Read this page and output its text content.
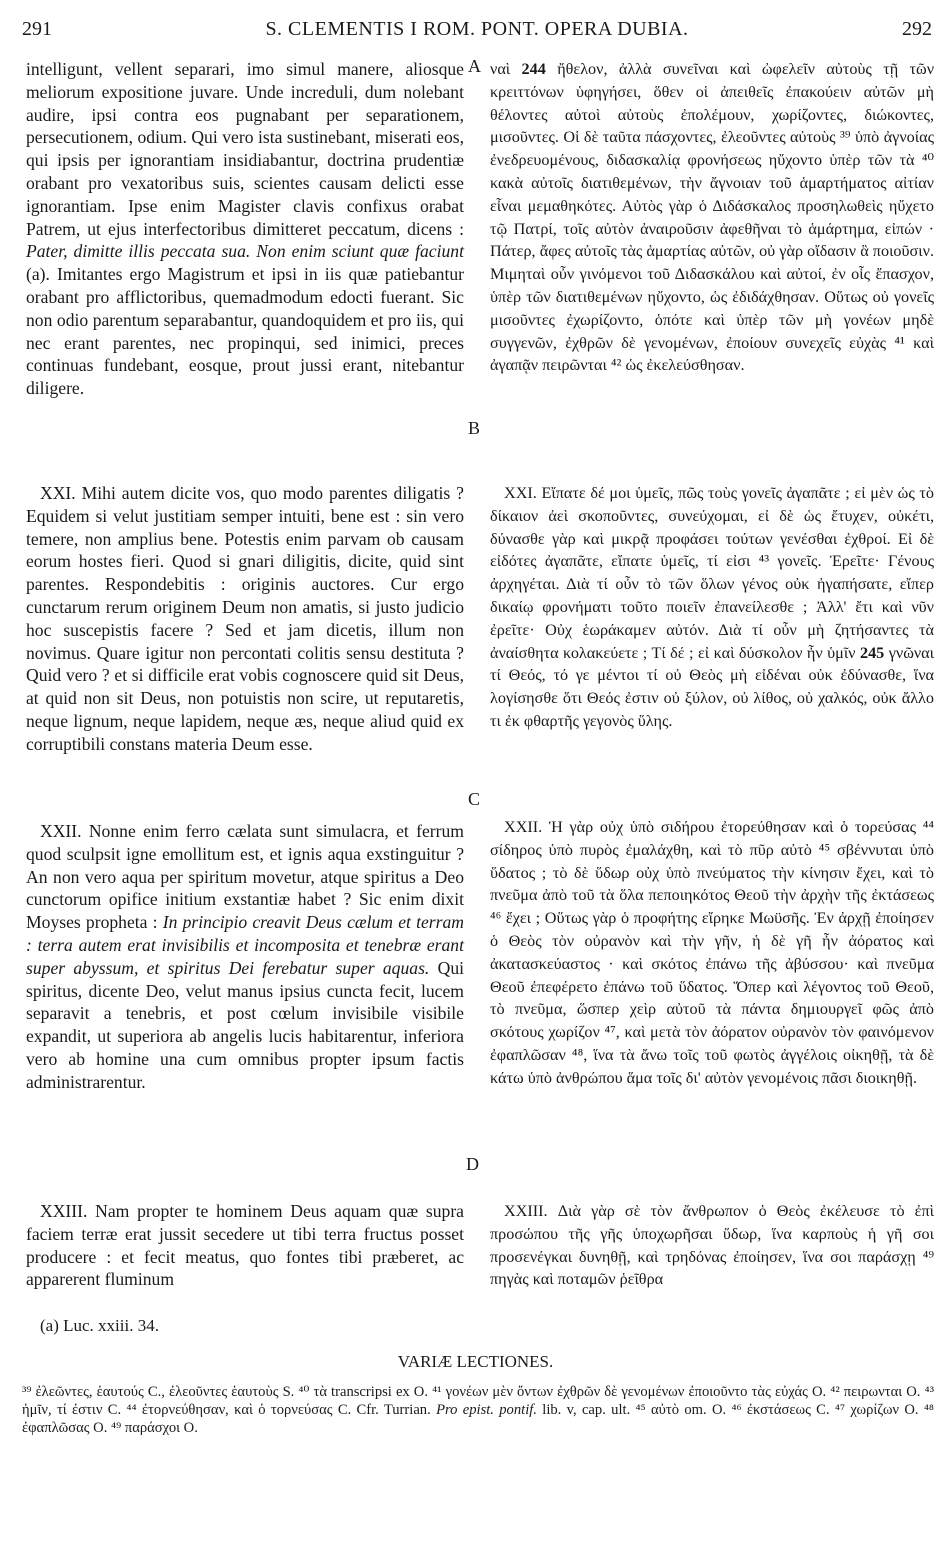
291	S. CLEMENTIS I ROM. PONT. OPERA DUBIA.	292

intelligunt, vellent separari, imo simul manere, aliosque meliorum expositione juvare. Unde increduli, dum nolebant audire, ipsi contra eos pugnabant per separationem, persecutionem, odium. Qui vero ista sustinebant, miserati eos, qui ipsis per ignorantiam insidiabantur, doctrina prudentiæ orabant pro vexatoribus suis, scientes causam delicti esse ignorantiam. Ipse enim Magister clavis confixus orabat Patrem, ut ejus interfectoribus dimitteret peccatum, dicens : Pater, dimitte illis peccata sua. Non enim sciunt quæ faciunt (a). Imitantes ergo Magistrum et ipsi in iis quæ patiebantur orabant pro afflictoribus, quemadmodum edocti fuerant. Sic non odio parentum separabantur, quandoquidem et pro iis, qui nec erant parentes, nec propinqui, sed inimici, preces continuas fundebant, eosque, prout jussi erant, nitebantur diligere.

XXI. Mihi autem dicite vos, quo modo parentes diligatis ? Equidem si velut justitiam semper intuiti, bene est : sin vero temere, non amplius bene. Potestis enim parvam ob causam eorum hostes fieri. Quod si gnari diligitis, dicite, quid sint parentes. Respondebitis : originis auctores. Cur ergo cunctarum rerum originem Deum non amatis, si justo judicio hoc suscepistis facere ? Sed et jam dicetis, illum non novimus. Quare igitur non percontati colitis sensu destituta ? Quid vero ? et si difficile erat vobis cognoscere quid sit Deus, at quid non sit Deus, non potuistis non scire, ut reputaretis, neque lignum, neque lapidem, neque æs, neque aliud quid ex corruptibili constans materia Deum esse.

XXII. Nonne enim ferro cælata sunt simulacra, et ferrum quod sculpsit igne emollitum est, et ignis aqua exstinguitur ? An non vero aqua per spiritum movetur, atque spiritus a Deo cunctorum opifice initium exstantiæ habet ? Sic enim dixit Moyses propheta : In principio creavit Deus cælum et terram : terra autem erat invisibilis et incomposita et tenebræ erant super abyssum, et spiritus Dei ferebatur super aquas. Qui spiritus, dicente Deo, velut manus ipsius cuncta fecit, lucem separavit a tenebris, et post cœlum invisibile visibile expandit, ut superiora ab angelis lucis habitarentur, inferiora vero ab homine una cum omnibus propter ipsum factis administrarentur.

XXIII. Nam propter te hominem Deus aquam quæ supra faciem terræ erat jussit secedere ut tibi terra fructus posset producere : et fecit meatus, quo fontes tibi præberet, ac apparerent fluminum

A
B
C
D

ναὶ 244 ἤθελον, ἀλλὰ συνεῖναι καὶ ὠφελεῖν αὐτοὺς τῇ τῶν κρειττόνων ὑφηγήσει, ὅθεν οἱ ἀπειθεῖς ἐπακούειν αὐτῶν μὴ θέλοντες αὐτοὶ αὐτοὺς ἐπολέμουν, χωρίζοντες, διώκοντες, μισοῦντες. Οἱ δὲ ταῦτα πάσχοντες, ἐλεοῦντες αὐτοὺς ³⁹ ὑπὸ ἀγνοίας ἐνεδρευομένους, διδασκαλίᾳ φρονήσεως ηὔχοντο ὑπὲρ τῶν τὰ ⁴⁰ κακὰ αὐτοῖς διατιθεμένων, τὴν ἄγνοιαν τοῦ ἁμαρτήματος αἰτίαν εἶναι μεμαθηκότες. Αὐτὸς γὰρ ὁ Διδάσκαλος προσηλωθεὶς ηὔχετο τῷ Πατρί, τοῖς αὐτὸν ἀναιροῦσιν ἀφεθῆναι τὸ ἁμάρτημα, εἰπών · Πάτερ, ἄφες αὐτοῖς τὰς ἁμαρτίας αὐτῶν, οὐ γὰρ οἴδασιν ἃ ποιοῦσιν. Μιμηταὶ οὖν γινόμενοι τοῦ Διδασκάλου καὶ αὐτοί, ἐν οἷς ἔπασχον, ὑπὲρ τῶν διατιθεμένων ηὔχοντο, ὡς ἐδιδάχθησαν. Οὕτως οὐ γονεῖς μισοῦντες ἐχωρίζοντο, ὁπότε καὶ ὑπὲρ τῶν μὴ γονέων μηδὲ συγγενῶν, ἐχθρῶν δὲ γενομένων, ἐποίουν συνεχεῖς εὐχὰς ⁴¹ καὶ ἀγαπᾷν πειρῶνται ⁴² ὡς ἐκελεύσθησαν.

XXI. Εἴπατε δέ μοι ὑμεῖς, πῶς τοὺς γονεῖς ἀγαπᾶτε ; εἰ μὲν ὡς τὸ δίκαιον ἀεὶ σκοποῦντες, συνεύχομαι, εἰ δὲ ὡς ἔτυχεν, οὐκέτι, δύνασθε γὰρ καὶ μικρᾷ προφάσει τούτων γενέσθαι ἐχθροί. Εἰ δὲ εἰδότες ἀγαπᾶτε, εἴπατε ὑμεῖς, τί εἰσι ⁴³ γονεῖς. Ἐρεῖτε· Γένους ἀρχηγέται. Διὰ τί οὖν τὸ τῶν ὅλων γένος οὐκ ἠγαπήσατε, εἴπερ δικαίῳ φρονήματι τοῦτο ποιεῖν ἐπανείλεσθε ; Ἀλλ' ἔτι καὶ νῦν ἐρεῖτε· Οὐχ ἑωράκαμεν αὐτόν. Διὰ τί οὖν μὴ ζητήσαντες τὰ ἀναίσθητα κολακεύετε ; Τί δέ ; εἰ καὶ δύσκολον ἦν ὑμῖν 245 γνῶναι τί Θεός, τό γε μέντοι τί οὐ Θεὸς μὴ εἰδέναι οὐκ ἐδύνασθε, ἵνα λογίσησθε ὅτι Θεός ἐστιν οὐ ξύλον, οὐ λίθος, οὐ χαλκός, οὐκ ἄλλο τι ἐκ φθαρτῆς γεγονὸς ὕλης.

XXII. Ἡ γὰρ οὐχ ὑπὸ σιδήρου ἐτορεύθησαν καὶ ὁ τορεύσας ⁴⁴ σίδηρος ὑπὸ πυρὸς ἐμαλάχθη, καὶ τὸ πῦρ αὐτὸ ⁴⁵ σβέννυται ὑπὸ ὕδατος ; τὸ δὲ ὕδωρ οὐχ ὑπὸ πνεύματος τὴν κίνησιν ἔχει, καὶ τὸ πνεῦμα ἀπὸ τοῦ τὰ ὅλα πεποιηκότος Θεοῦ τὴν ἀρχὴν τῆς ἐκτάσεως ⁴⁶ ἔχει ; Οὕτως γὰρ ὁ προφήτης εἴρηκε Μωϋσῆς. Ἐν ἀρχῇ ἐποίησεν ὁ Θεὸς τὸν οὐρανὸν καὶ τὴν γῆν, ἡ δὲ γῆ ἦν ἀόρατος καὶ ἀκατασκεύαστος · καὶ σκότος ἐπάνω τῆς ἀβύσσου· καὶ πνεῦμα Θεοῦ ἐπεφέρετο ἐπάνω τοῦ ὕδατος. Ὅπερ καὶ λέγοντος τοῦ Θεοῦ, τὸ πνεῦμα, ὥσπερ χεὶρ αὐτοῦ τὰ πάντα δημιουργεῖ φῶς ἀπὸ σκότους χωρίζον ⁴⁷, καὶ μετὰ τὸν ἀόρατον οὐρανὸν τὸν φαινόμενον ἐφαπλῶσαν ⁴⁸, ἵνα τὰ ἄνω τοῖς τοῦ φωτὸς ἀγγέλοις οἰκηθῇ, τὰ δὲ κάτω ὑπὸ ἀνθρώπου ἅμα τοῖς δι' αὐτὸν γενομένοις πᾶσι διοικηθῇ.

XXIII. Διὰ γὰρ σὲ τὸν ἄνθρωπον ὁ Θεὸς ἐκέλευσε τὸ ἐπὶ προσώπου τῆς γῆς ὑποχωρῆσαι ὕδωρ, ἵνα καρποὺς ἡ γῆ σοι προσενέγκαι δυνηθῇ, καὶ τρηδόνας ἐποίησεν, ἵνα σοι παράσχῃ ⁴⁹ πηγὰς καὶ ποταμῶν ῥεῖθρα

(a) Luc. xxiii. 34.
VARIÆ LECTIONES.
³⁹ ἐλεῶντες, ἑαυτούς C., ἐλεοῦντες ἑαυτοὺς S. ⁴⁰ τὰ transcripsi ex O. ⁴¹ γονέων μὲν ὄντων ἐχθρῶν δὲ γενομένων ἐποιοῦντο τὰς εὐχάς O. ⁴² πειρωνται O. ⁴³ ἡμῖν, τί ἐστιν C. ⁴⁴ ἐτορνεύθησαν, καὶ ὁ τορνεύσας C. Cfr. Turrian. Pro epist. pontif. lib. v, cap. ult. ⁴⁵ αὐτὸ om. O. ⁴⁶ ἐκστάσεως C. ⁴⁷ χωρίζων O. ⁴⁸ ἐφαπλῶσας O. ⁴⁹ παράσχοι O.
